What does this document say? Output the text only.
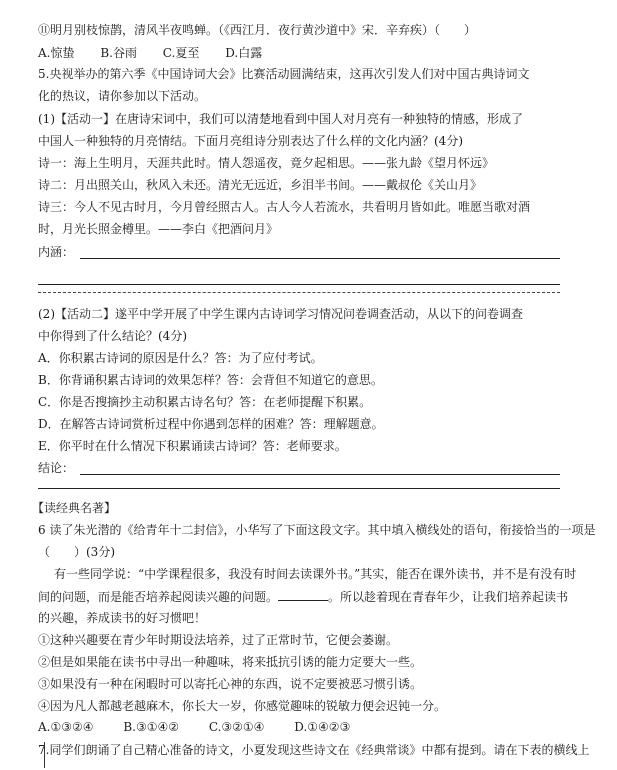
⑪明月别枝惊鹊，清风半夜鸣蝉。（《西江月．夜行黄沙道中》宋．辛弃疾）（　　）
A.惊蛰 B.谷雨 C.夏至 D.白露
5.央视举办的第六季《中国诗词大会》比赛活动圆满结束，这再次引发人们对中国古典诗词文
化的热议，请你参加以下活动。
(1)【活动一】在唐诗宋词中，我们可以清楚地看到中国人对月亮有一种独特的情感，形成了
中国人一种独特的月亮情结。下面月亮组诗分别表达了什么样的文化内涵？(4分)
诗一：海上生明月，天涯共此时。情人怨遥夜，竟夕起相思。——张九龄《望月怀远》
诗二：月出照关山，秋风入未还。清光无远近，乡泪半书间。——戴叔伦《关山月》
诗三：今人不见古时月，今月曾经照古人。古人今人若流水，共看明月皆如此。唯愿当歌对酒
时，月光长照金樽里。——李白《把酒问月》
内涵：
(2)【活动二】遂平中学开展了中学生课内古诗词学习情况问卷调查活动，从以下的问卷调查
中你得到了什么结论？(4分)
A．你积累古诗词的原因是什么？答：为了应付考试。
B．你背诵积累古诗词的效果怎样？答：会背但不知道它的意思。
C．你是否搜摘抄主动积累古诗名句？答：在老师提醒下积累。
D．在解答古诗词赏析过程中你遇到怎样的困难？答：理解题意。
E．你平时在什么情况下积累诵读古诗词？答：老师要求。
结论：
【读经典名著】
6 读了朱光潜的《给青年十二封信》，小华写了下面这段文字。其中填入横线处的语句，衔接恰当的一项是
（　　）(3分)
有一些同学说：“中学课程很多，我没有时间去读课外书。”其实，能否在课外读书，并不是有没有时
间的问题，而是能否培养起阅读兴趣的问题。	。所以趁着现在青春年少，让我们培养起读书
的兴趣，养成读书的好习惯吧！
①这种兴趣要在青少年时期设法培养，过了正常时节，它便会萎谢。
②但是如果能在读书中寻出一种趣味，将来抵抗引诱的能力定要大一些。
③如果没有一种在闲暇时可以寄托心神的东西，说不定要被恶习惯引诱。
④因为凡人都越老越麻木，你长大一岁，你感觉趣味的锐敏力便会迟钝一分。
A.①③②④ B.③①④② C.③②①④ D.①④②③
7.同学们朗诵了自己精心准备的诗文，小夏发现这些诗文在《经典常谈》中都有提到。请在下表的横线上
